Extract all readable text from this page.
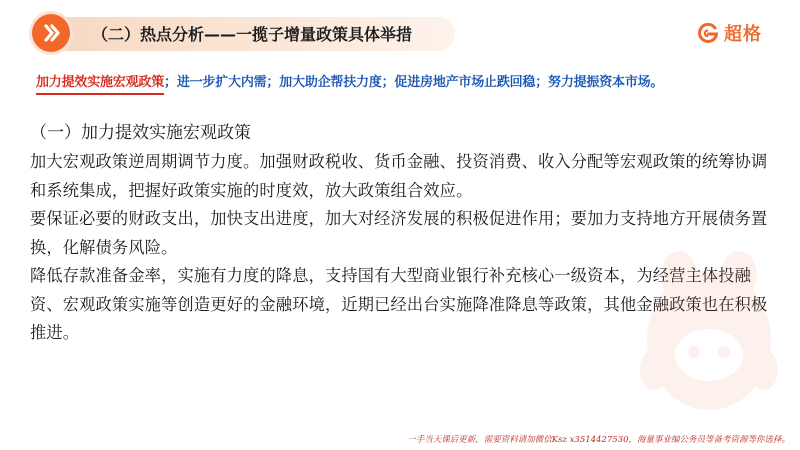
（二）热点分析——一揽子增量政策具体举措	超格
加力提效实施宏观政策
；进一步扩大内需；加大助企帮扶力度；促进房地产市场止跌回稳；努力提振资本市场。
（一）加力提效实施宏观政策

加大宏观政策逆周期调节力度。加强财政税收、货币金融、投资消费、收入分配等宏观政策的统筹协调和系统集成，把握好政策实施的时度效，放大政策组合效应。

要保证必要的财政支出，加快支出进度，加大对经济发展的积极促进作用；要加力支持地方开展债务置换，化解债务风险。

降低存款准备金率，实施有力度的降息，支持国有大型商业银行补充核心一级资本，为经营主体投融资、宏观政策实施等创造更好的金融环境，近期已经出台实施降准降息等政策，其他金融政策也在积极推进。

一手当天课后更新，需要资料请加微信Ksz x3514427530，海量事业编公务员等备考资源等你选择。
